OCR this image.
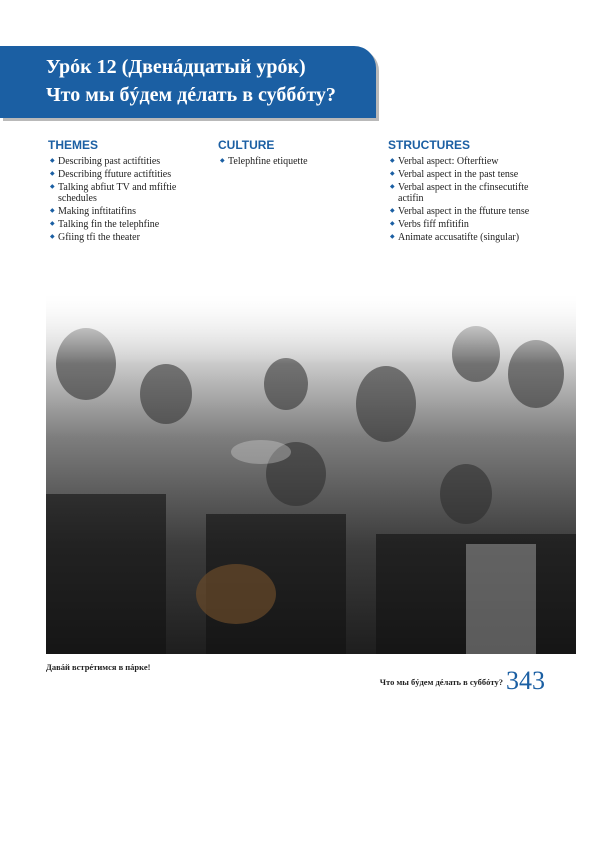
Урóк 12 (Двенáдцатый урóк)
Что мы бýдем дéлать в суббóту?
THEMES
◆ Describing past actiftities
◆ Describing ffuture actiftities
◆ Talking abfiut TV and mfiftie schedules
◆ Making inftitatifins
◆ Talking fin the telephfine
◆ Gfiing tfi the theater
CULTURE
◆ Telephfine etiquette
STRUCTURES
◆ Verbal aspect: Ofterftiew
◆ Verbal aspect in the past tense
◆ Verbal aspect in the cfinsecutifte actifin
◆ Verbal aspect in the ffuture tense
◆ Verbs fiff mfitifin
◆ Animate accusatifte (singular)
Давáй встрéтимся в пáрке!
Что мы бýдем дéлать в суббóту? 343
